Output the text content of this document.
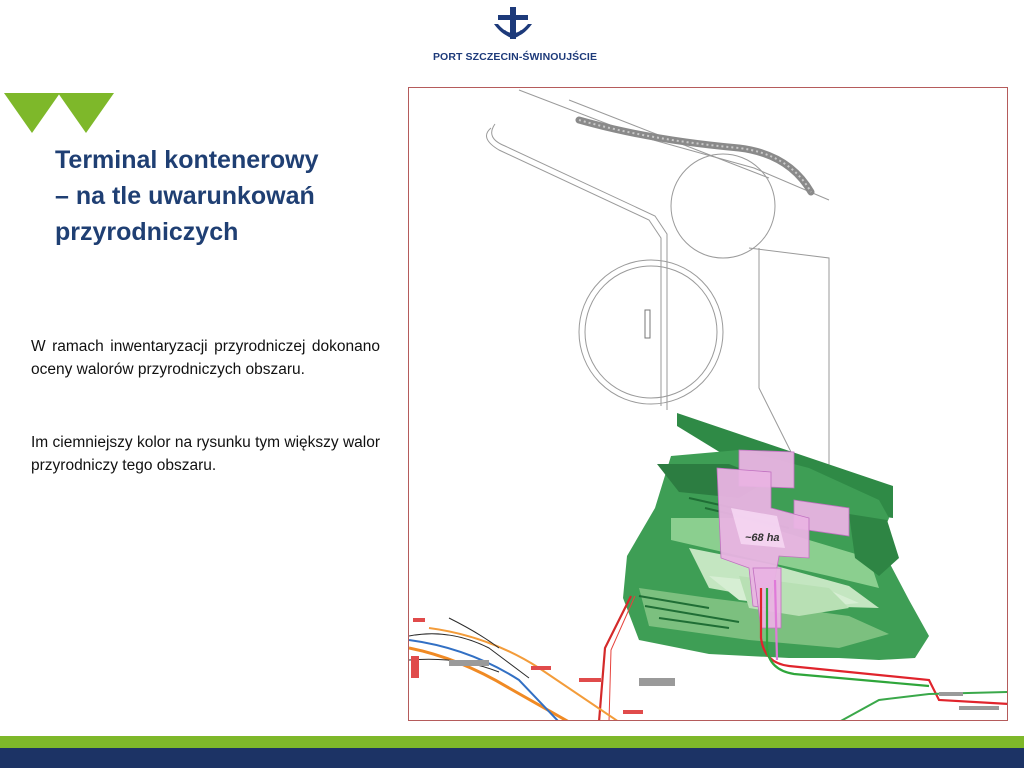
PORT SZCZECIN-ŚWINOUJŚCIE
Terminal kontenerowy
– na tle uwarunkowań
przyrodniczych
W ramach inwentaryzacji przyrodniczej dokonano oceny walorów przyrodniczych obszaru.
Im ciemniejszy kolor na rysunku tym większy walor przyrodniczy tego obszaru.
~68 ha
